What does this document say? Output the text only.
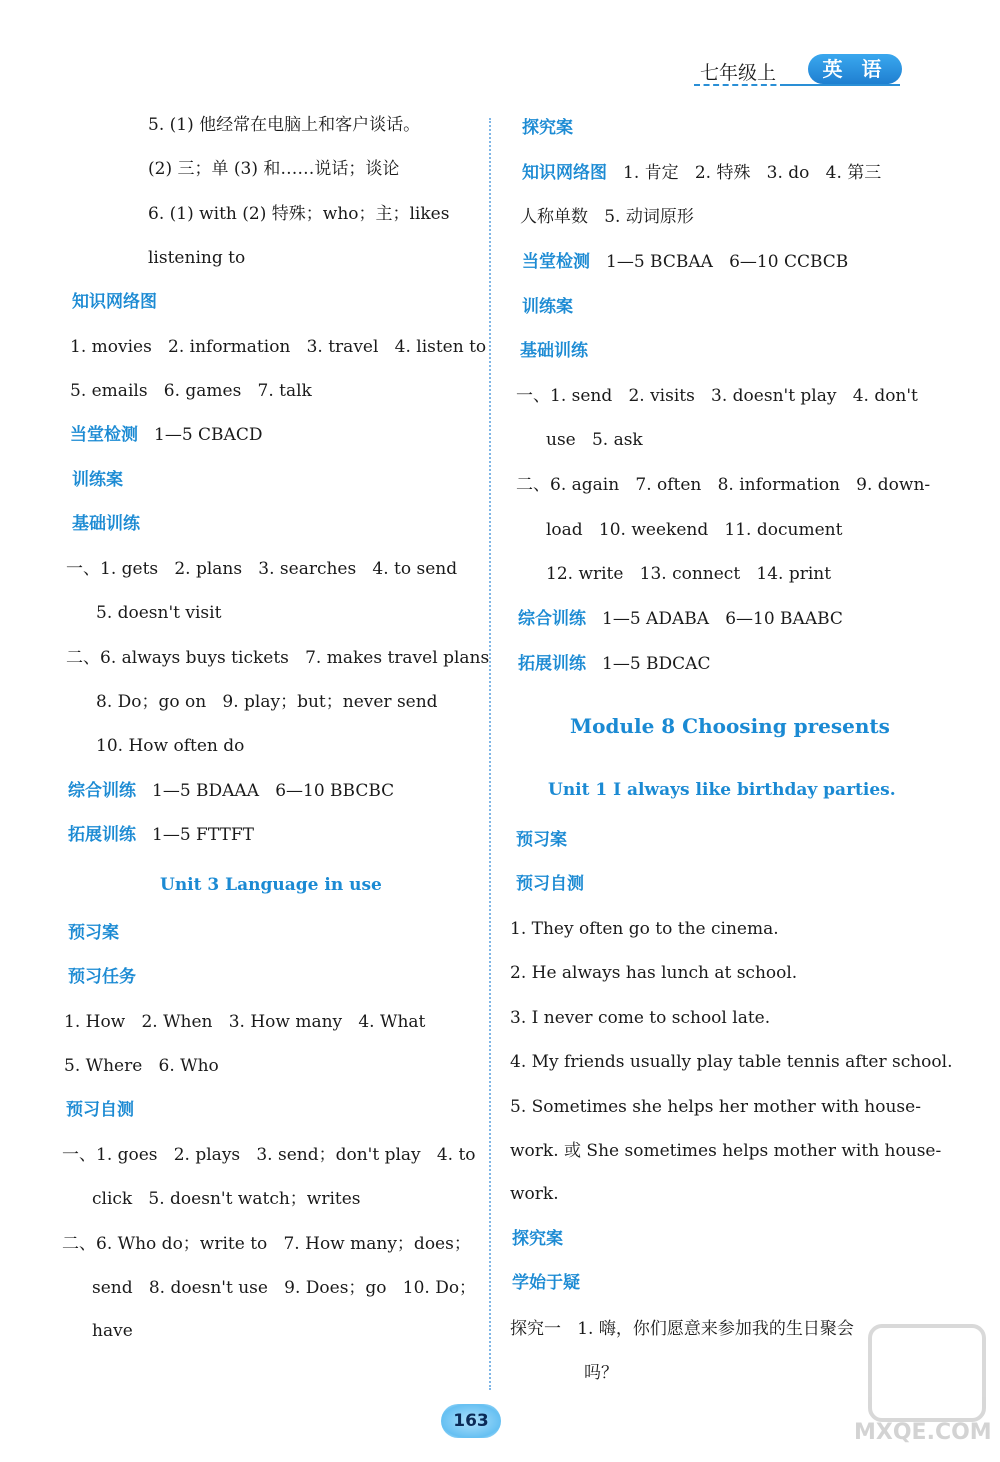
七年级上	英 语
5. (1) 他经常在电脑上和客户谈话。
(2) 三；单 (3) 和……说话；谈论
6. (1) with (2) 特殊；who；主；likes
listening to
知识网络图
1. movies   2. information   3. travel   4. listen to
5. emails   6. games   7. talk
当堂检测 1—5 CBACD
训练案
基础训练
一、1. gets   2. plans   3. searches   4. to send
5. doesn't visit
二、6. always buys tickets   7. makes travel plans
8. Do；go on   9. play；but；never send
10. How often do
综合训练 1—5 BDAAA   6—10 BBCBC
拓展训练 1—5 FTTFT
Unit 3 Language in use
预习案
预习任务
1. How   2. When   3. How many   4. What
5. Where   6. Who
预习自测
一、1. goes   2. plays   3. send；don't play   4. to
click   5. doesn't watch；writes
二、6. Who do；write to   7. How many；does；
send   8. doesn't use   9. Does；go   10. Do；
have
探究案
知识网络图 1. 肯定   2. 特殊   3. do   4. 第三
人称单数   5. 动词原形
当堂检测 1—5 BCBAA   6—10 CCBCB
训练案
基础训练
一、1. send   2. visits   3. doesn't play   4. don't
use   5. ask
二、6. again   7. often   8. information   9. down-
load   10. weekend   11. document
12. write   13. connect   14. print
综合训练 1—5 ADABA   6—10 BAABC
拓展训练 1—5 BDCAC
Module 8 Choosing presents
Unit 1 I always like birthday parties.
预习案
预习自测
1. They often go to the cinema.
2. He always has lunch at school.
3. I never come to school late.
4. My friends usually play table tennis after school.
5. Sometimes she helps her mother with house-
work. 或 She sometimes helps mother with house-
work.
探究案
学始于疑
探究一   1. 嗨，你们愿意来参加我的生日聚会
吗？
163	MXQE.COM
